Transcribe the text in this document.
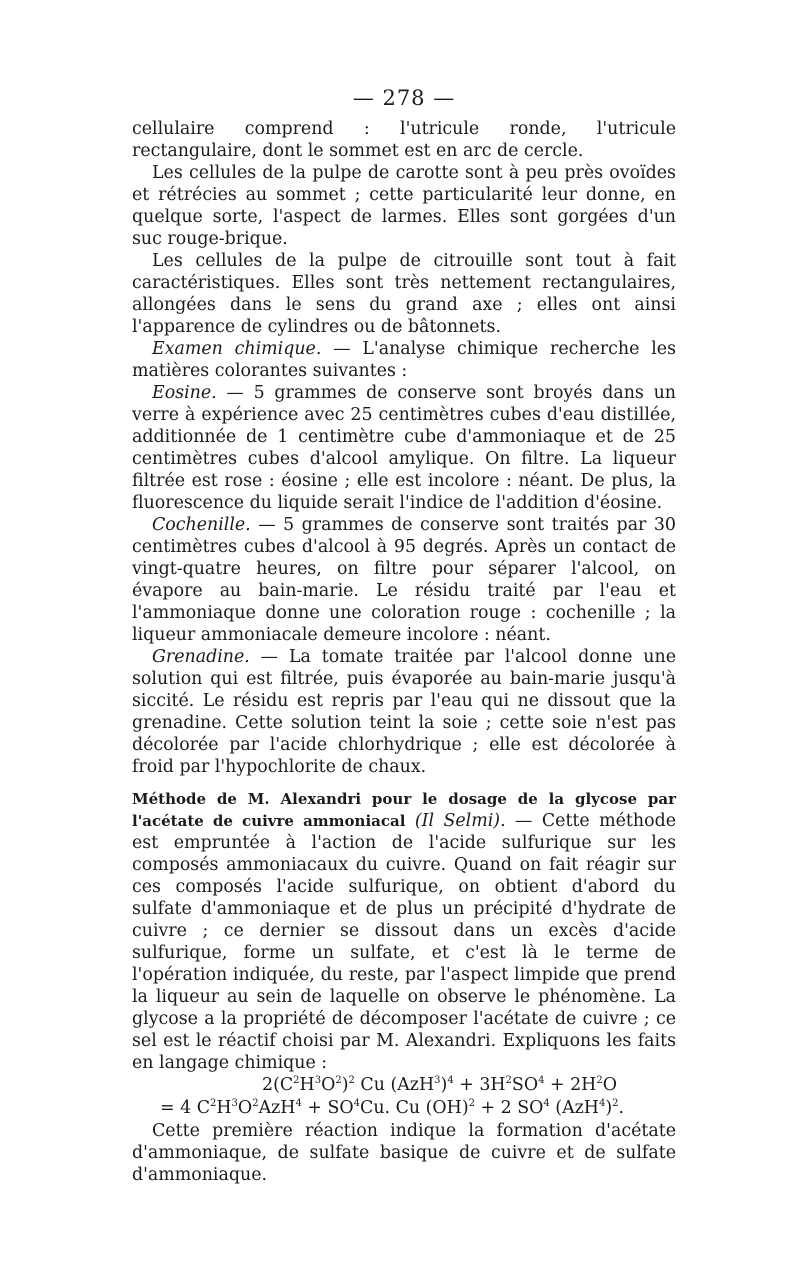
— 278 —

cellulaire comprend : l'utricule ronde, l'utricule rectangulaire, dont le sommet est en arc de cercle.

Les cellules de la pulpe de carotte sont à peu près ovoïdes et rétrécies au sommet ; cette particularité leur donne, en quelque sorte, l'aspect de larmes. Elles sont gorgées d'un suc rouge-brique.

Les cellules de la pulpe de citrouille sont tout à fait caractéristiques. Elles sont très nettement rectangulaires, allongées dans le sens du grand axe ; elles ont ainsi l'apparence de cylindres ou de bâtonnets.

Examen chimique. — L'analyse chimique recherche les matières colorantes suivantes :

Eosine. — 5 grammes de conserve sont broyés dans un verre à expérience avec 25 centimètres cubes d'eau distillée, additionnée de 1 centimètre cube d'ammoniaque et de 25 centimètres cubes d'alcool amylique. On filtre. La liqueur filtrée est rose : éosine ; elle est incolore : néant. De plus, la fluorescence du liquide serait l'indice de l'addition d'éosine.

Cochenille. — 5 grammes de conserve sont traités par 30 centimètres cubes d'alcool à 95 degrés. Après un contact de vingt-quatre heures, on filtre pour séparer l'alcool, on évapore au bain-marie. Le résidu traité par l'eau et l'ammoniaque donne une coloration rouge : cochenille ; la liqueur ammoniacale demeure incolore : néant.

Grenadine. — La tomate traitée par l'alcool donne une solution qui est filtrée, puis évaporée au bain-marie jusqu'à siccité. Le résidu est repris par l'eau qui ne dissout que la grenadine. Cette solution teint la soie ; cette soie n'est pas décolorée par l'acide chlorhydrique ; elle est décolorée à froid par l'hypochlorite de chaux.

Méthode de M. Alexandri pour le dosage de la glycose par l'acétate de cuivre ammoniacal (Il Selmi). — Cette méthode est empruntée à l'action de l'acide sulfurique sur les composés ammoniacaux du cuivre. Quand on fait réagir sur ces composés l'acide sulfurique, on obtient d'abord du sulfate d'ammoniaque et de plus un précipité d'hydrate de cuivre ; ce dernier se dissout dans un excès d'acide sulfurique, forme un sulfate, et c'est là le terme de l'opération indiquée, du reste, par l'aspect limpide que prend la liqueur au sein de laquelle on observe le phénomène. La glycose a la propriété de décomposer l'acétate de cuivre ; ce sel est le réactif choisi par M. Alexandri. Expliquons les faits en langage chimique :

$2(C^2H^3O^2)^2$ Cu $(AzH^3)^4 + 3H^2SO^4 + 2H^2O$

= 4 $C^2H^3O^2AzH^4 + SO^4Cu$. Cu (OH)$^2$ + 2 $SO^4$ $(AzH^4)^2$.

Cette première réaction indique la formation d'acétate d'ammoniaque, de sulfate basique de cuivre et de sulfate d'ammoniaque.
